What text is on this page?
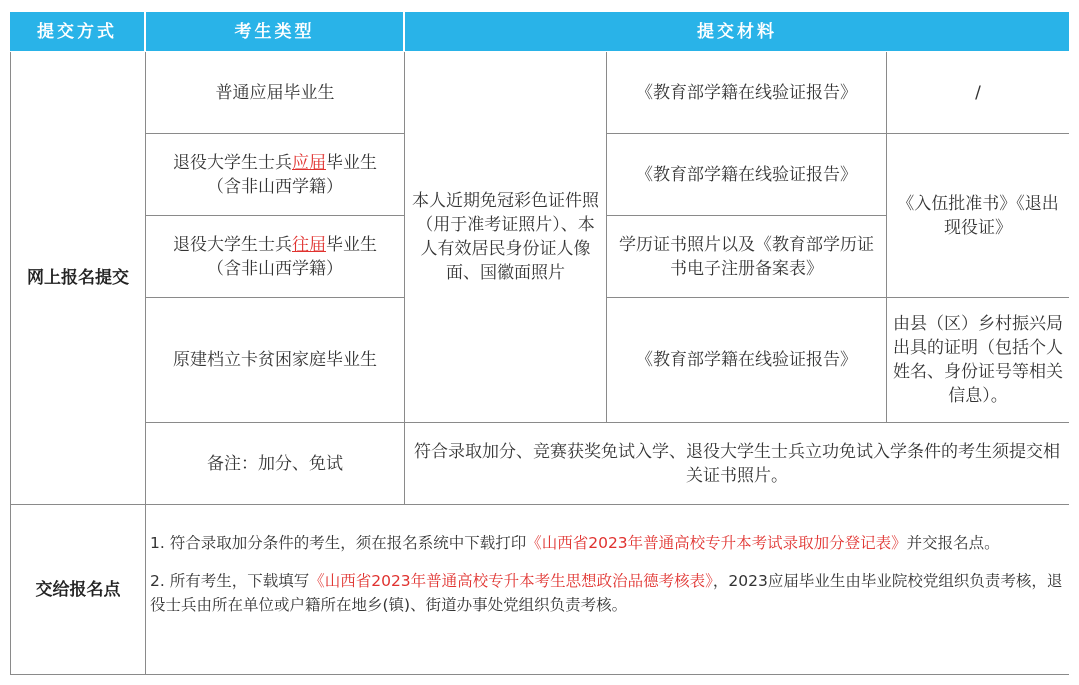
提交方式	考生类型	提交材料
网上报名提交
普通应届毕业生
退役大学生士兵应届毕业生
（含非山西学籍）
退役大学生士兵往届毕业生
（含非山西学籍）
原建档立卡贫困家庭毕业生
备注：加分、免试
本人近期免冠彩色证件照（用于准考证照片）、本人有效居民身份证人像面、国徽面照片
《教育部学籍在线验证报告》
《教育部学籍在线验证报告》
学历证书照片以及《教育部学历证书电子注册备案表》
《教育部学籍在线验证报告》
/
《入伍批准书》《退出现役证》
由县（区）乡村振兴局出具的证明（包括个人姓名、身份证号等相关信息）。
符合录取加分、竞赛获奖免试入学、退役大学生士兵立功免试入学条件的考生须提交相关证书照片。
交给报名点

1. 符合录取加分条件的考生，须在报名系统中下载打印《山西省2023年普通高校专升本考试录取加分登记表》并交报名点。

2. 所有考生，下载填写《山西省2023年普通高校专升本考生思想政治品德考核表》，2023应届毕业生由毕业院校党组织负责考核，退役士兵由所在单位或户籍所在地乡(镇)、街道办事处党组织负责考核。
